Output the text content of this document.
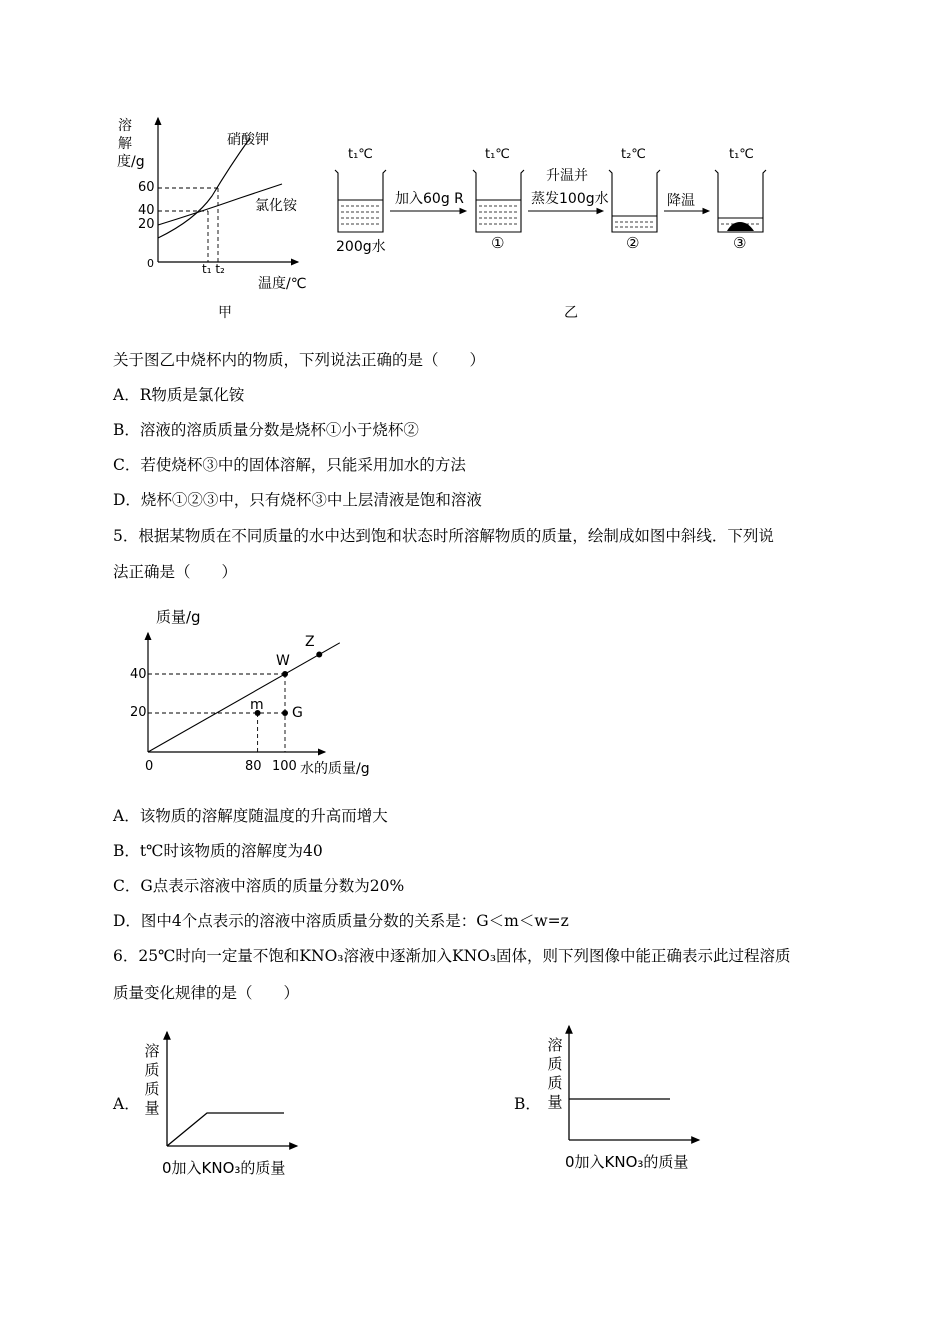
溶解度/g
60
40
20
0	t₁ t₂
温度/℃
硝酸钾
氯化铵
甲
t₁℃	t₁℃	t₂℃	t₁℃
200g水	①	②	③
加入60g R
升温并
蒸发100g水	降温
乙
关于图乙中烧杯内的物质，下列说法正确的是（　　）
A．R物质是氯化铵
B．溶液的溶质质量分数是烧杯①小于烧杯②
C．若使烧杯③中的固体溶解，只能采用加水的方法
D．烧杯①②③中，只有烧杯③中上层清液是饱和溶液
5．根据某物质在不同质量的水中达到饱和状态时所溶解物质的质量，绘制成如图中斜线．下列说
法正确是（　　）
质量/g
水的质量/g
0
40
20
80 100
W
m G
Z
A．该物质的溶解度随温度的升高而增大
B．t℃时该物质的溶解度为40
C．G点表示溶液中溶质的质量分数为20%
D．图中4个点表示的溶液中溶质质量分数的关系是：G＜m＜w=z
6．25℃时向一定量不饱和KNO₃溶液中逐渐加入KNO₃固体，则下列图像中能正确表示此过程溶质
质量变化规律的是（　　）
A．
溶质质量
0加入KNO₃的质量
B．
溶质质量
0加入KNO₃的质量
